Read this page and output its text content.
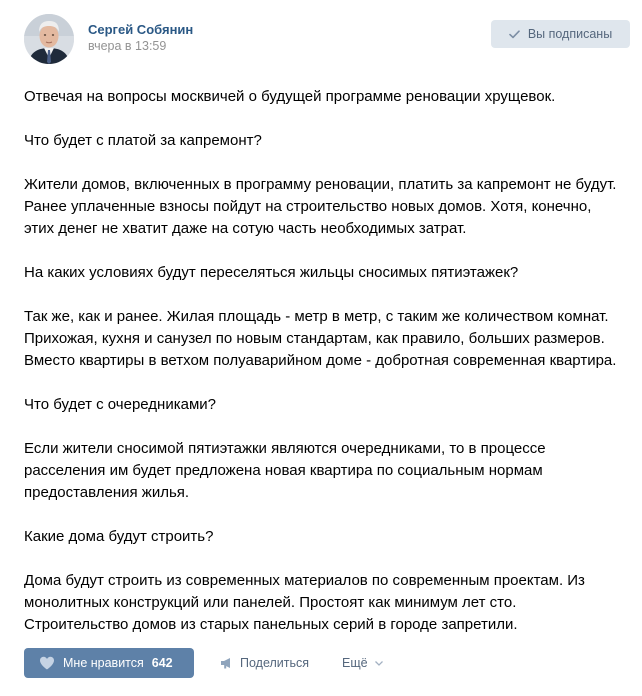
Сергей Собянин
вчера в 13:59
Вы подписаны
Отвечая на вопросы москвичей о будущей программе реновации хрущевок.
Что будет с платой за капремонт?
Жители домов, включенных в программу реновации, платить за капремонт не будут.
Ранее уплаченные взносы пойдут на строительство новых домов. Хотя, конечно,
этих денег не хватит даже на сотую часть необходимых затрат.
На каких условиях будут переселяться жильцы сносимых пятиэтажек?
Так же, как и ранее. Жилая площадь - метр в метр, с таким же количеством комнат.
Прихожая, кухня и санузел по новым стандартам, как правило, больших размеров.
Вместо квартиры в ветхом полуаварийном доме - добротная современная квартира.
Что будет с очередниками?
Если жители сносимой пятиэтажки являются очередниками, то в процессе
расселения им будет предложена новая квартира по социальным нормам
предоставления жилья.
Какие дома будут строить?
Дома будут строить из современных материалов по современным проектам. Из
монолитных конструкций или панелей. Простоят как минимум лет сто.
Строительство домов из старых панельных серий в городе запретили.
Мне нравится 642	Поделиться	Ещё
